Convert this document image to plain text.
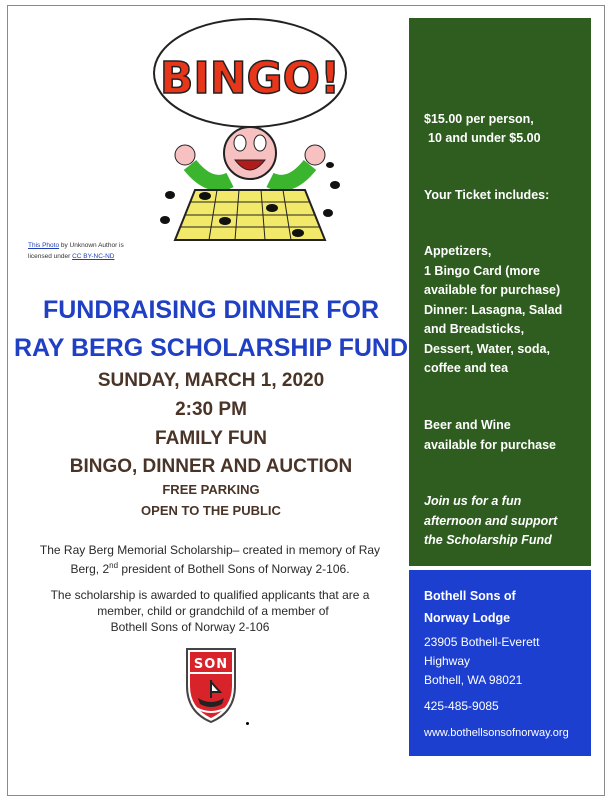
BINGO!
This Photo by Unknown Author is
licensed under CC BY-NC-ND
FUNDRAISING DINNER FOR
RAY BERG SCHOLARSHIP FUND
SUNDAY, MARCH 1, 2020
2:30 PM
FAMILY FUN
BINGO, DINNER AND AUCTION
FREE PARKING
OPEN TO THE PUBLIC
The Ray Berg Memorial Scholarship– created in memory of Ray
Berg, 2nd president of Bothell Sons of Norway 2-106.
The scholarship is awarded to qualified applicants that are a
member, child or grandchild of a member of
Bothell Sons of Norway 2-106
SON
$15.00 per person,
10 and under $5.00
Your Ticket includes:
Appetizers,
1 Bingo Card (more
available for purchase)
Dinner: Lasagna, Salad
and Breadsticks,
Dessert, Water, soda,
coffee and tea
Beer and Wine
available for purchase
Join us for a fun
afternoon and support
the Scholarship Fund
Bothell Sons of
Norway Lodge
23905 Bothell-Everett
Highway
Bothell, WA 98021
425-485-9085
www.bothellsonsofnorway.org
